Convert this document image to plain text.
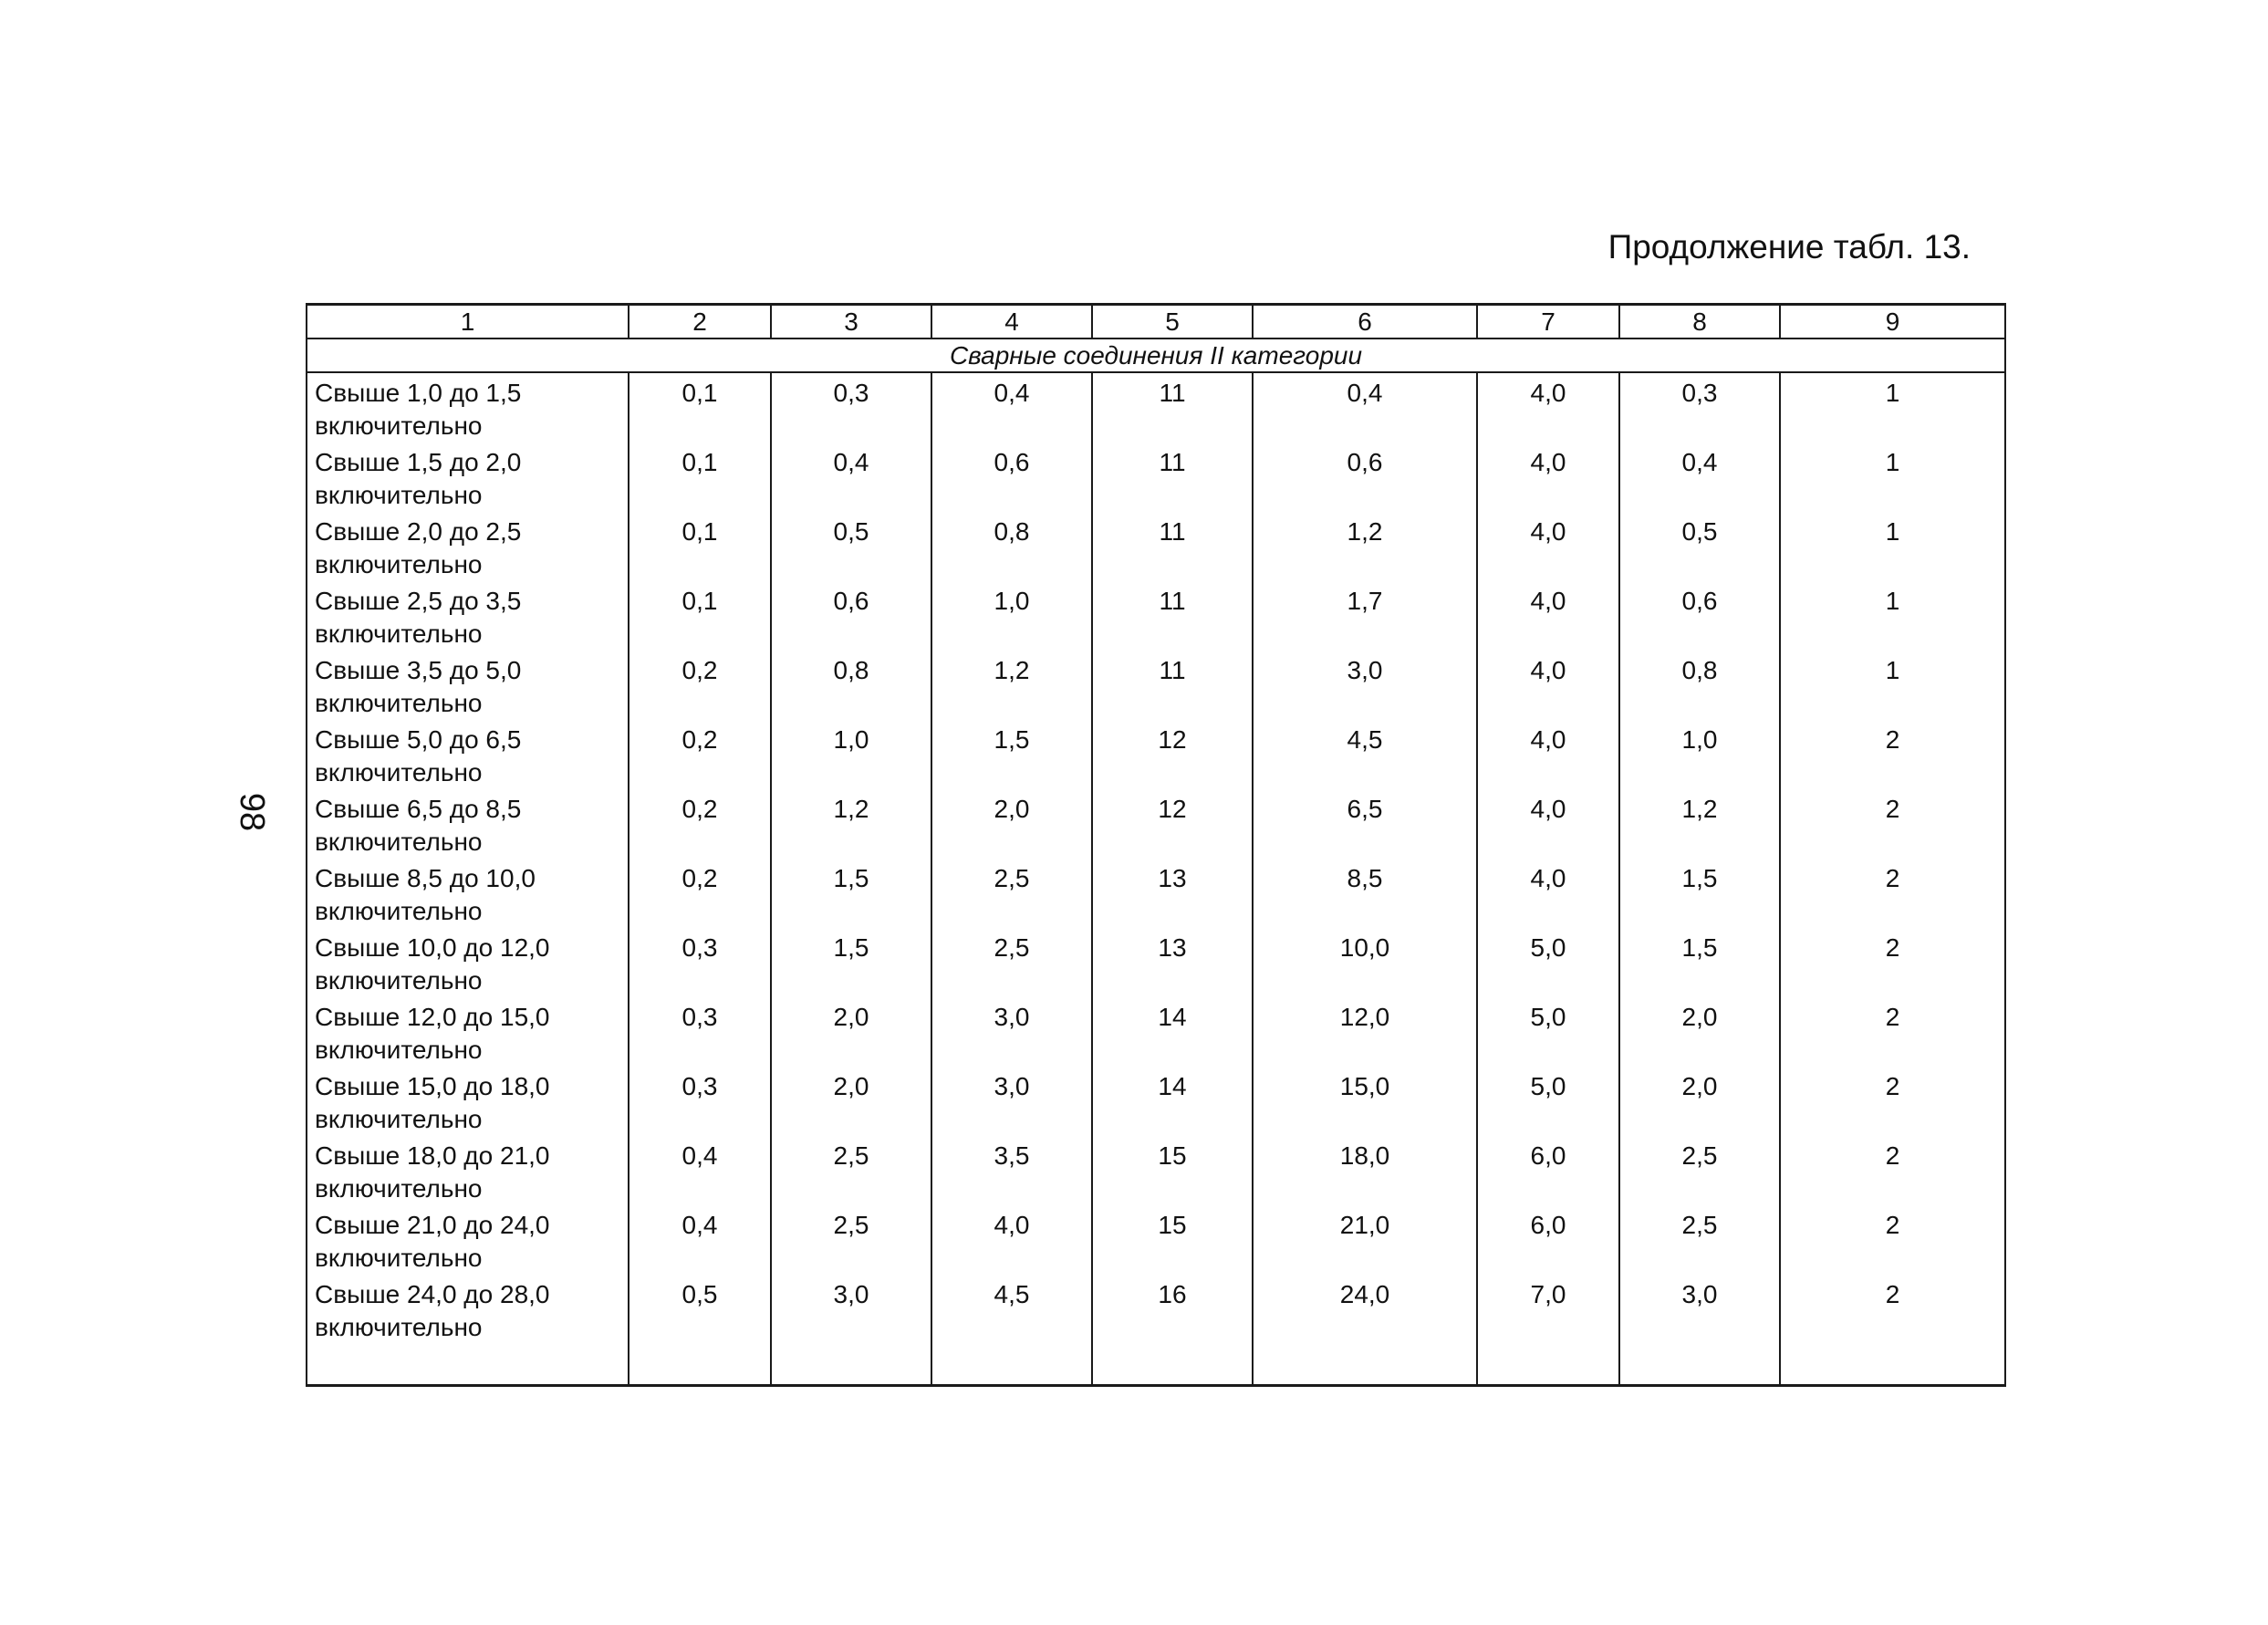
Продолжение табл. 13.
98
1	2	3	4	5	6	7	8	9
Сварные соединения II категории								
Свыше 1,0 до 1,5 включительно	0,1	0,3	0,4	11	0,4	4,0	0,3	1
Свыше 1,5 до 2,0 включительно	0,1	0,4	0,6	11	0,6	4,0	0,4	1
Свыше 2,0 до 2,5 включительно	0,1	0,5	0,8	11	1,2	4,0	0,5	1
Свыше 2,5 до 3,5 включительно	0,1	0,6	1,0	11	1,7	4,0	0,6	1
Свыше 3,5 до 5,0 включительно	0,2	0,8	1,2	11	3,0	4,0	0,8	1
Свыше 5,0 до 6,5 включительно	0,2	1,0	1,5	12	4,5	4,0	1,0	2
Свыше 6,5 до 8,5 включительно	0,2	1,2	2,0	12	6,5	4,0	1,2	2
Свыше 8,5 до 10,0 включительно	0,2	1,5	2,5	13	8,5	4,0	1,5	2
Свыше 10,0 до 12,0 включительно	0,3	1,5	2,5	13	10,0	5,0	1,5	2
Свыше 12,0 до 15,0 включительно	0,3	2,0	3,0	14	12,0	5,0	2,0	2
Свыше 15,0 до 18,0 включительно	0,3	2,0	3,0	14	15,0	5,0	2,0	2
Свыше 18,0 до 21,0 включительно	0,4	2,5	3,5	15	18,0	6,0	2,5	2
Свыше 21,0 до 24,0 включительно	0,4	2,5	4,0	15	21,0	6,0	2,5	2
Свыше 24,0 до 28,0 включительно	0,5	3,0	4,5	16	24,0	7,0	3,0	2
